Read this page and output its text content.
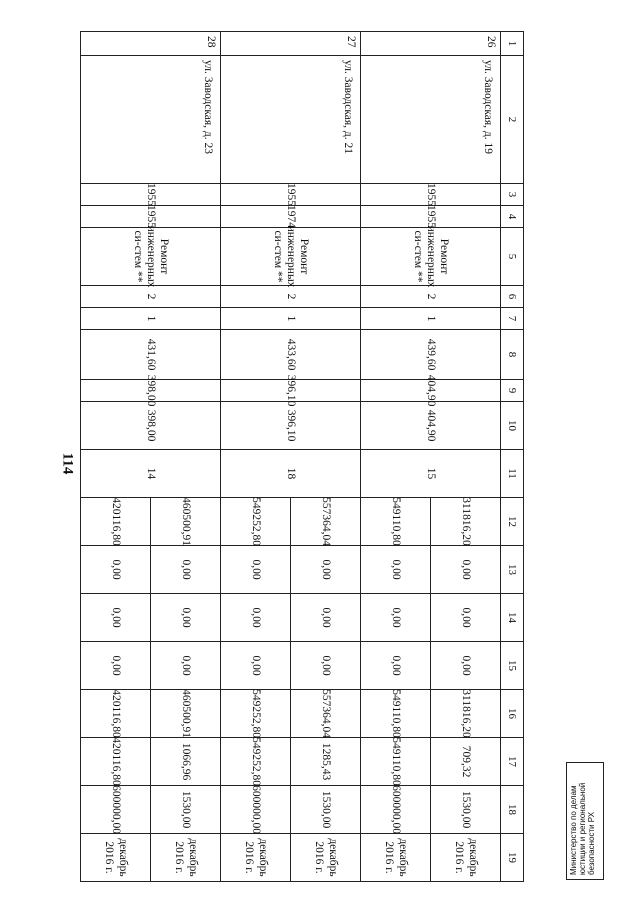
114
1	2	3	4	5	6	7	8	9	10	11	12	13	14	15	16	17	18	19

26	ул. Заводская, д. 19	1955	1955	Ремонт инженерных си-стем **	2	1	439,60	404,90	404,90	15	311816,20	0,00	0,00	0,00	311816,20	709,32	1530,00	декабрь 2016 г.

549110,80	0,00	0,00	0,00	549110,80	549110,80	600000,00	декабрь 2016 г.

27	ул. Заводская, д. 21	1955	1974	Ремонт инженерных си-стем **	2	1	433,60	396,10	396,10	18	557364,04	0,00	0,00	0,00	557364,04	1285,43	1530,00	декабрь 2016 г.

549252,80	0,00	0,00	0,00	549252,80	549252,80	600000,00	декабрь 2016 г.

28	ул. Заводская, д. 23	1955	1955	Ремонт инженерных си-стем **	2	1	431,60	398,00	398,00	14	460500,91	0,00	0,00	0,00	460500,91	1066,96	1530,00	декабрь 2016 г.

420116,80	0,00	0,00	0,00	420116,80	420116,80	600000,00	декабрь 2016 г.	Министерство по делам юстиции и региональной безопасности РХ
